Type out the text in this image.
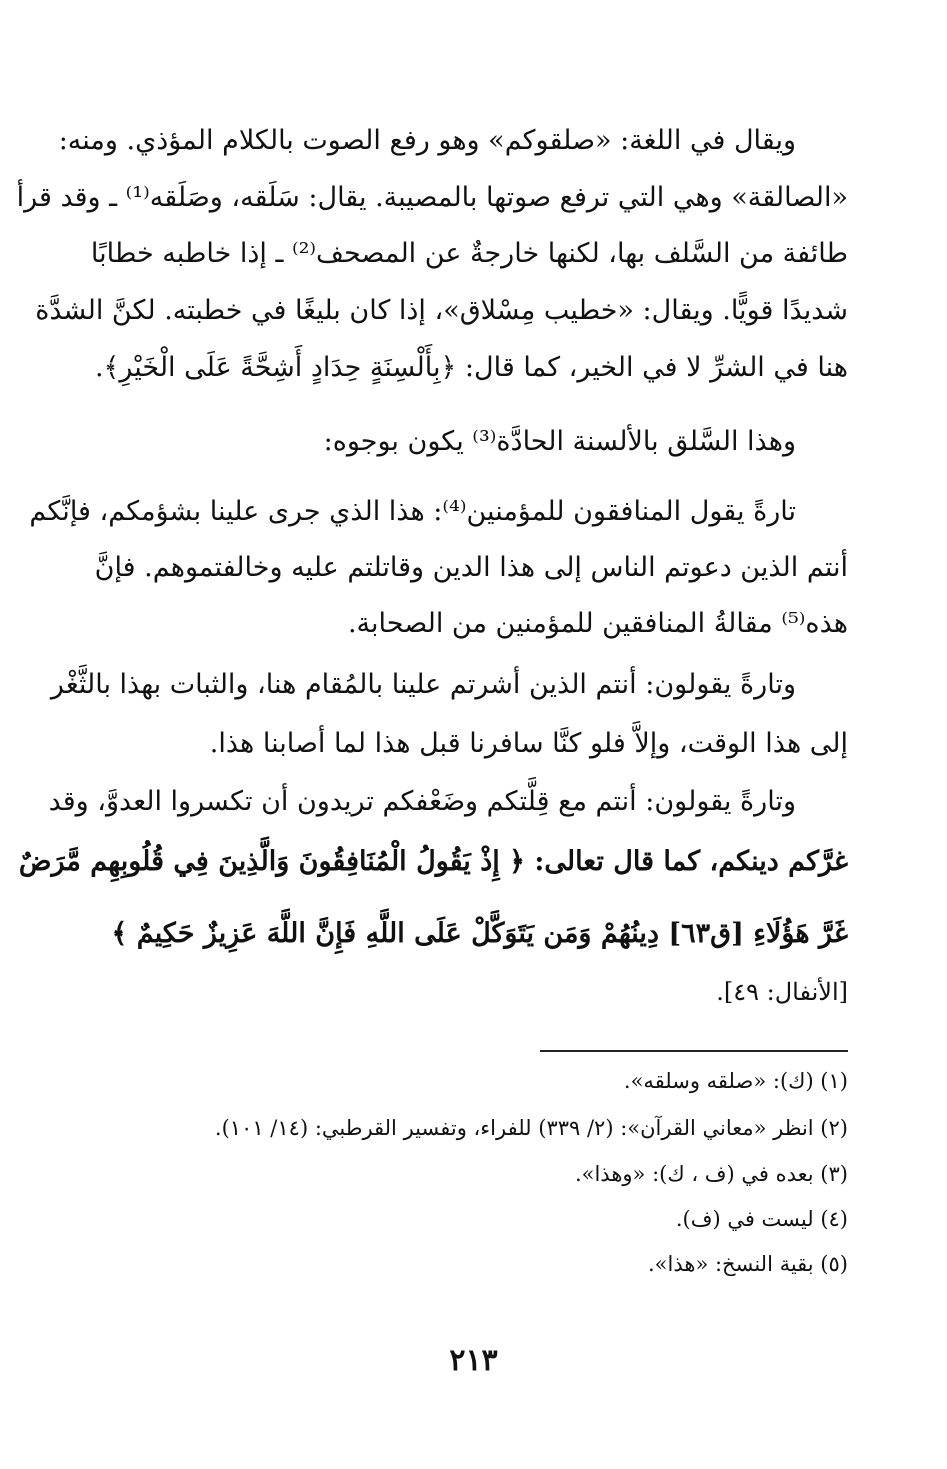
ويقال في اللغة: «صلقوكم» وهو رفع الصوت بالكلام المؤذي. ومنه:
«الصالقة» وهي التي ترفع صوتها بالمصيبة. يقال: سَلَقه، وصَلَقه⁽¹⁾ ـ وقد قرأ
طائفة من السَّلف بها، لكنها خارجةٌ عن المصحف⁽²⁾ ـ إذا خاطبه خطابًا
شديدًا قويًّا. ويقال: «خطيب مِسْلاق»، إذا كان بليغًا في خطبته. لكنَّ الشدَّة
هنا في الشرِّ لا في الخير، كما قال: ﴿بِأَلْسِنَةٍ حِدَادٍ أَشِحَّةً عَلَى الْخَيْرِ﴾.
وهذا السَّلق بالألسنة الحادَّة⁽³⁾ يكون بوجوه:
تارةً يقول المنافقون للمؤمنين⁽⁴⁾: هذا الذي جرى علينا بشؤمكم، فإنَّكم
أنتم الذين دعوتم الناس إلى هذا الدين وقاتلتم عليه وخالفتموهم. فإنَّ
هذه⁽⁵⁾ مقالةُ المنافقين للمؤمنين من الصحابة.
وتارةً يقولون: أنتم الذين أشرتم علينا بالمُقام هنا، والثبات بهذا بالثَّغْر
إلى هذا الوقت، وإلاَّ فلو كنَّا سافرنا قبل هذا لما أصابنا هذا.
وتارةً يقولون: أنتم مع قِلَّتكم وضَعْفكم تريدون أن تكسروا العدوَّ، وقد
غرَّكم دينكم، كما قال تعالى: ﴿ إِذْ يَقُولُ الْمُنَافِقُونَ وَالَّذِينَ فِي قُلُوبِهِم مَّرَضٌ
غَرَّ هَؤُلَاءِ [ق٦٣] دِينُهُمْ وَمَن يَتَوَكَّلْ عَلَى اللَّهِ فَإِنَّ اللَّهَ عَزِيزٌ حَكِيمٌ ﴾
[الأنفال: ٤٩].
(١) (ك): «صلقه وسلقه».
(٢) انظر «معاني القرآن»: (٢/ ٣٣٩) للفراء، وتفسير القرطبي: (١٤/ ١٠١).
(٣) بعده في (ف ، ك): «وهذا».
(٤) ليست في (ف).
(٥) بقية النسخ: «هذا».
٢١٣
